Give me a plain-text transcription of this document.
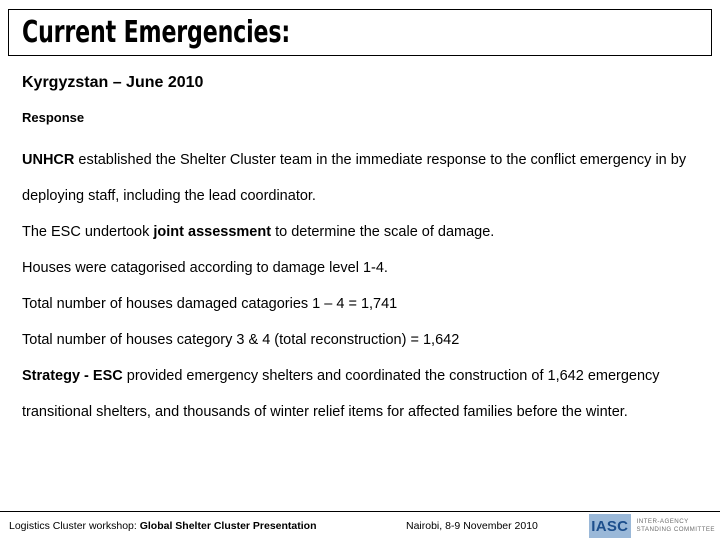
Current Emergencies:

Kyrgyzstan – June 2010

Response

UNHCR established the Shelter Cluster team in the immediate response to the conflict emergency in by deploying staff, including the lead coordinator.

The ESC undertook joint assessment to determine the scale of damage.

Houses were catagorised according to damage level 1-4.

Total number of houses damaged catagories 1 – 4 = 1,741

Total number of houses category 3 & 4 (total reconstruction) = 1,642

Strategy - ESC provided emergency shelters and coordinated the construction of 1,642 emergency transitional shelters, and thousands of winter relief items for affected families before the winter.

Logistics Cluster workshop: Global Shelter Cluster Presentation	Nairobi, 8-9 November 2010	IASC INTER-AGENCY
STANDING COMMITTEE
